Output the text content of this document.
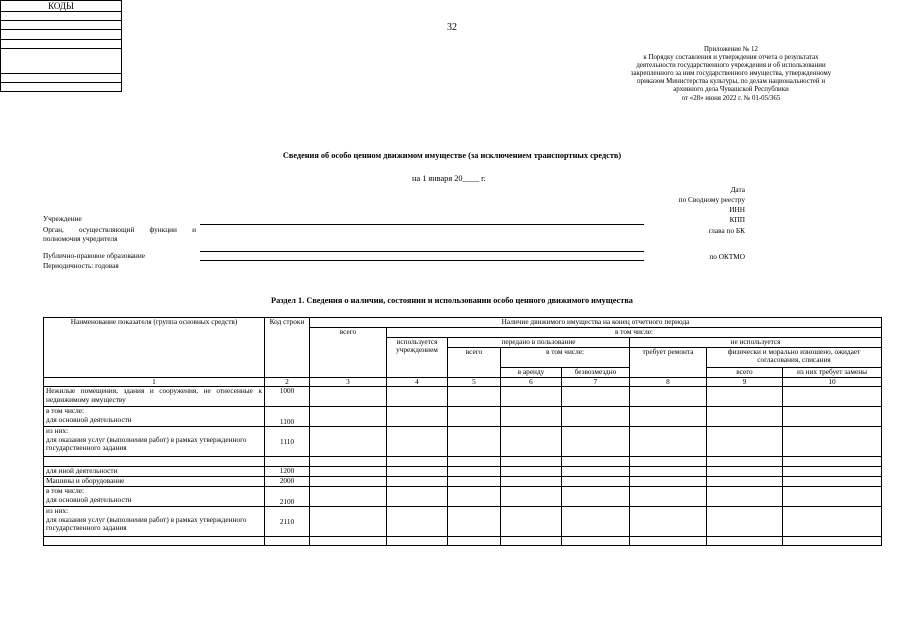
32
Приложение № 12
к Порядку составления и утверждения отчета о результатах
деятельности государственного учреждения и об использовании
закрепленного за ним государственного имущества, утвержденному
приказом Министерства культуры, по делам национальностей и
архивного дела Чувашской Республики
от «28» июня 2022 г. № 01-05/365
Сведения об особо ценном движимом имуществе (за исключением транспортных средств)
на 1 января 20____ г.
КОДЫ

Дата
по Сводному реестру
ИНН
КПП
глава по БК
по ОКТМО
Учреждение
Орган, осуществляющий функции и
полномочия учредителя
Публично-правовое образование
Периодичность: годовая
Раздел 1. Сведения о наличии, состоянии и использовании особо ценного движимого имущества
Наименование показателя (группа основных средств)	Код строки	Наличие движимого имущества на конец отчетного периода							
		всего	в том числе:						
			используется учреждением	передано в пользование			не используется		
				всего	в том числе:		требует ремонта	физически и морально изношено, ожидает согласования, списания	
					в аренду	безвозмездно		всего	из них требует замены
1	2	3	4	5	6	7	8	9	10
Нежилые помещения, здания и сооружения, не отнесенные к недвижимому имуществу	1000								

в том числе:
для основной деятельности	1100								

из них:
для оказания услуг (выполнения работ) в рамках утвержденного государственного задания	1110								

для иной деятельности	1200								
Машины и оборудование	2000								

в том числе:
для основной деятельности	2100								

из них:
для оказания услуг (выполнения работ) в рамках утвержденного государственного задания	2110								
